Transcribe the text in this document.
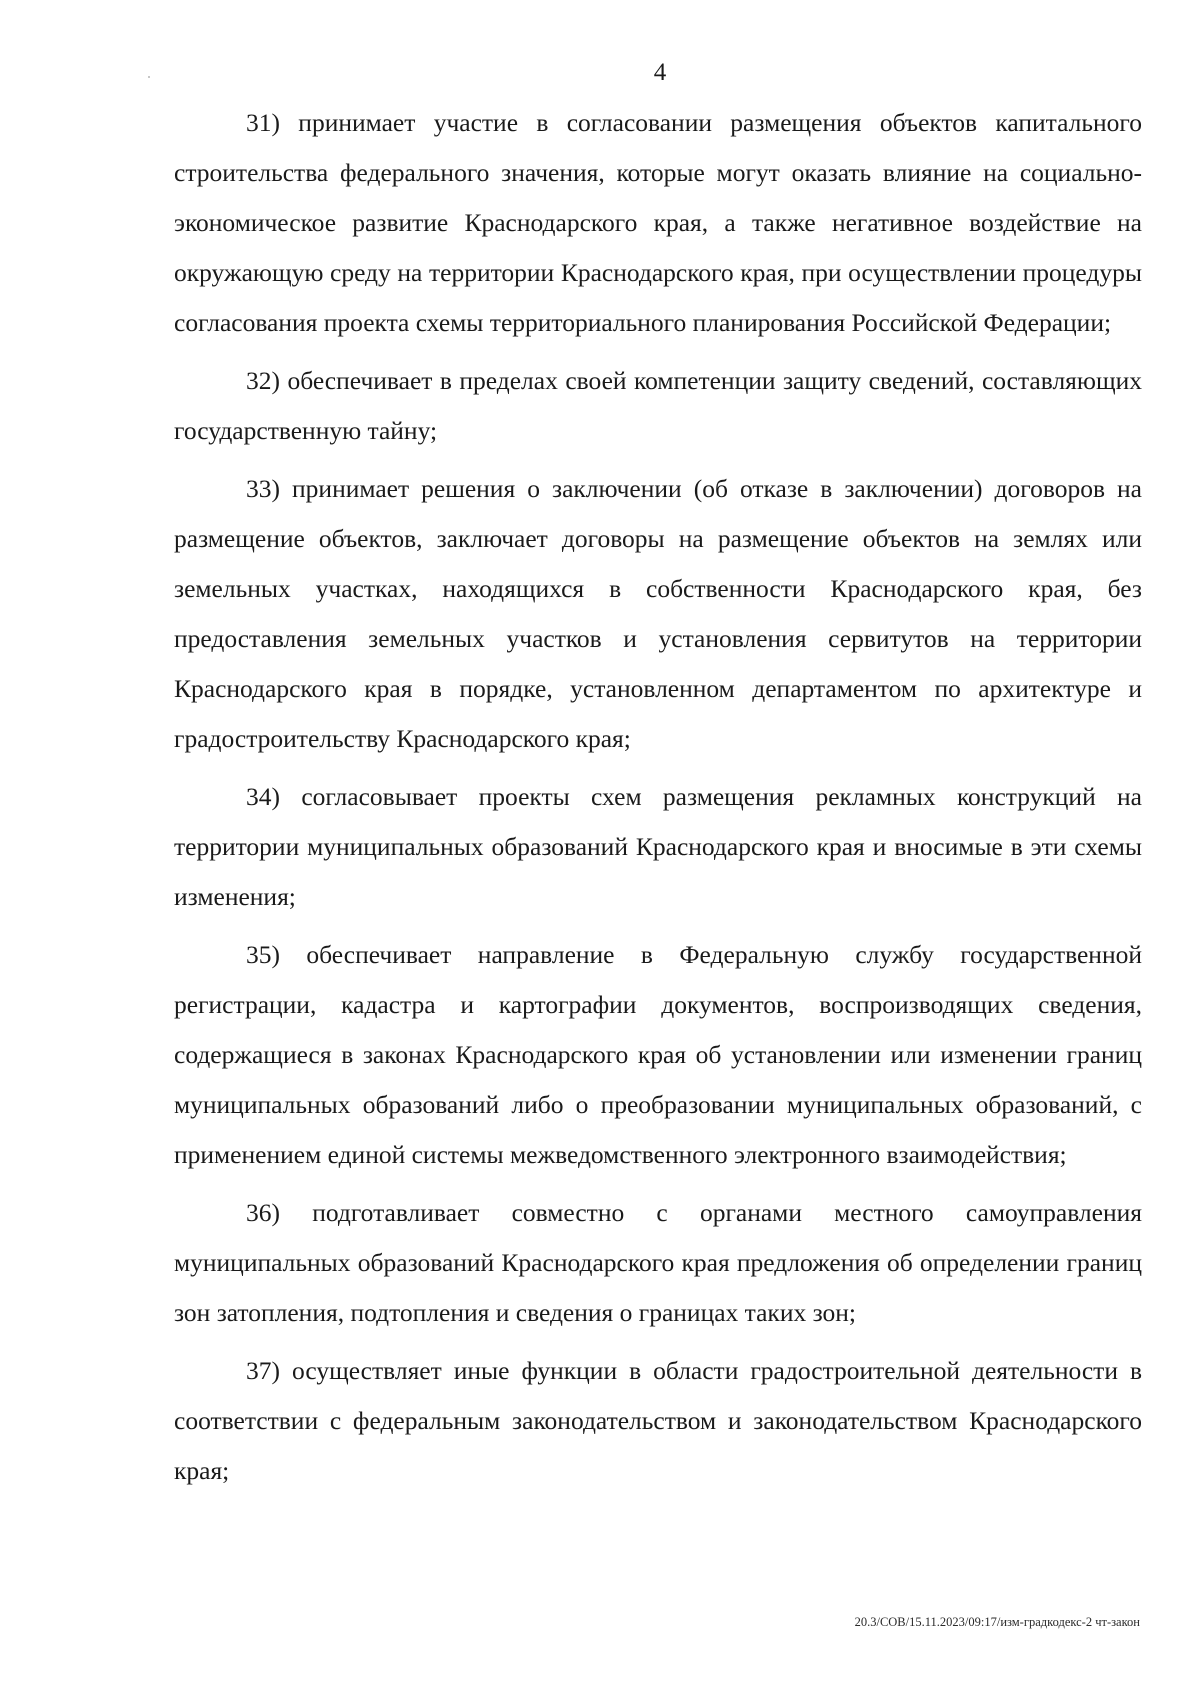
4

31) принимает участие в согласовании размещения объектов капитального строительства федерального значения, которые могут оказать влияние на социально-экономическое развитие Краснодарского края, а также негативное воздействие на окружающую среду на территории Краснодарского края, при осуществлении процедуры согласования проекта схемы территориального планирования Российской Федерации;

32) обеспечивает в пределах своей компетенции защиту сведений, составляющих государственную тайну;

33) принимает решения о заключении (об отказе в заключении) договоров на размещение объектов, заключает договоры на размещение объектов на землях или земельных участках, находящихся в собственности Краснодарского края, без предоставления земельных участков и установления сервитутов на территории Краснодарского края в порядке, установленном департаментом по архитектуре и градостроительству Краснодарского края;

34) согласовывает проекты схем размещения рекламных конструкций на территории муниципальных образований Краснодарского края и вносимые в эти схемы изменения;

35) обеспечивает направление в Федеральную службу государственной регистрации, кадастра и картографии документов, воспроизводящих сведения, содержащиеся в законах Краснодарского края об установлении или изменении границ муниципальных образований либо о преобразовании муниципальных образований, с применением единой системы межведомственного электронного взаимодействия;

36) подготавливает совместно с органами местного самоуправления муниципальных образований Краснодарского края предложения об определении границ зон затопления, подтопления и сведения о границах таких зон;

37) осуществляет иные функции в области градостроительной деятельности в соответствии с федеральным законодательством и законодательством Краснодарского края;

20.3/СОВ/15.11.2023/09:17/изм-градкодекс-2 чт-закон
